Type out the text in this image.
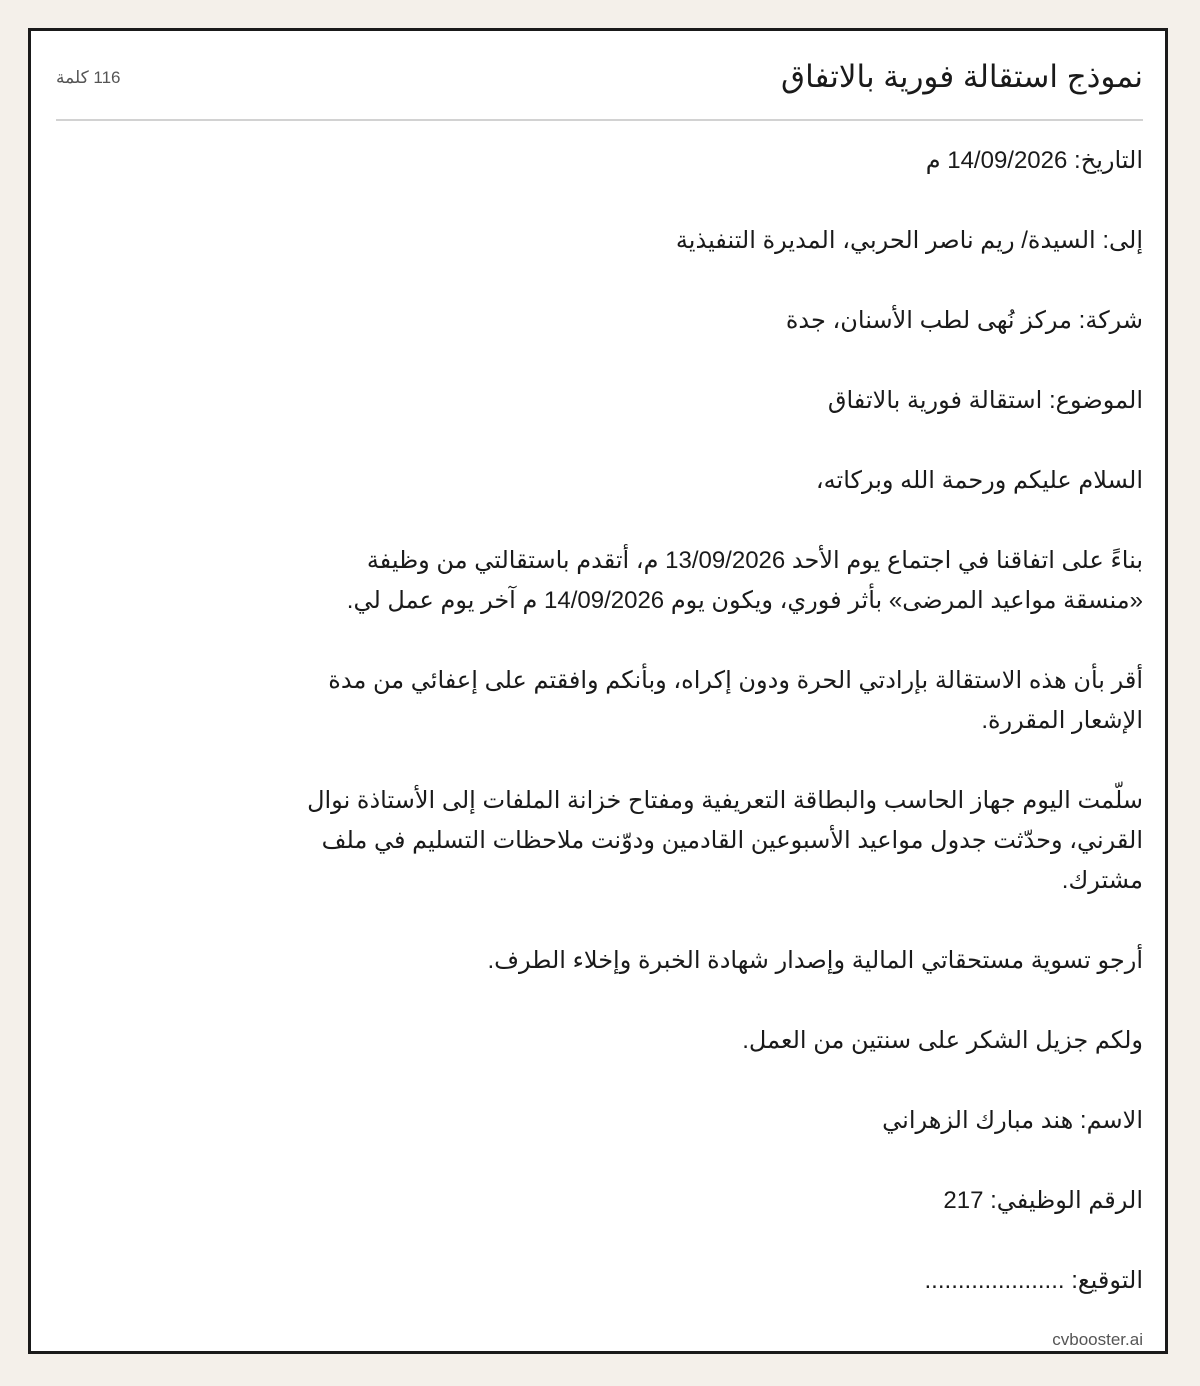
نموذج استقالة فورية بالاتفاق
116 كلمة

التاريخ: 14/09/2026 م

إلى: السيدة/ ريم ناصر الحربي، المديرة التنفيذية

شركة: مركز نُهى لطب الأسنان، جدة

الموضوع: استقالة فورية بالاتفاق

السلام عليكم ورحمة الله وبركاته،

بناءً على اتفاقنا في اجتماع يوم الأحد 13/09/2026 م، أتقدم باستقالتي من وظيفة «منسقة مواعيد المرضى» بأثر فوري، ويكون يوم 14/09/2026 م آخر يوم عمل لي.

أقر بأن هذه الاستقالة بإرادتي الحرة ودون إكراه، وبأنكم وافقتم على إعفائي من مدة الإشعار المقررة.

سلّمت اليوم جهاز الحاسب والبطاقة التعريفية ومفتاح خزانة الملفات إلى الأستاذة نوال القرني، وحدّثت جدول مواعيد الأسبوعين القادمين ودوّنت ملاحظات التسليم في ملف مشترك.

أرجو تسوية مستحقاتي المالية وإصدار شهادة الخبرة وإخلاء الطرف.

ولكم جزيل الشكر على سنتين من العمل.

الاسم: هند مبارك الزهراني

الرقم الوظيفي: 217

التوقيع: .....................

cvbooster.ai
